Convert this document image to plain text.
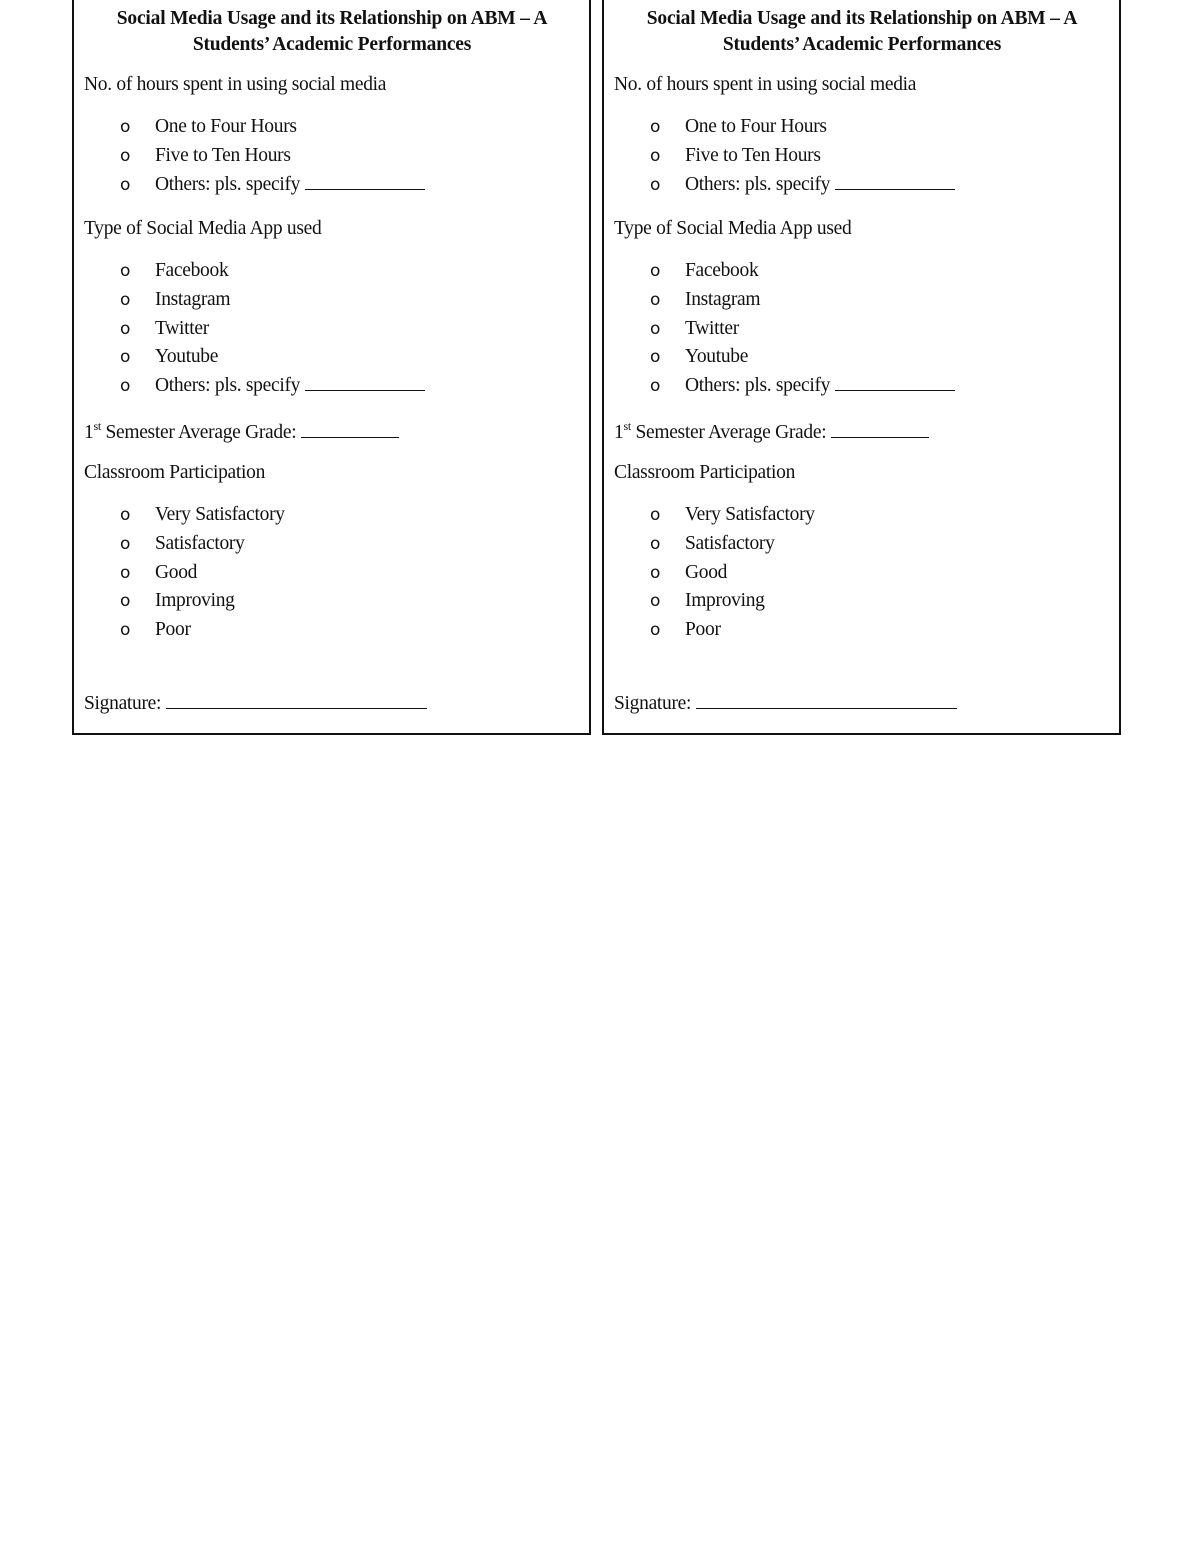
Social Media Usage and its Relationship on ABM – A Students’ Academic Performances
No. of hours spent in using social media
o One to Four Hours
o Five to Ten Hours
o Others: pls. specify
Type of Social Media App used
o Facebook
o Instagram
o Twitter
o Youtube
o Others: pls. specify
1st Semester Average Grade:
Classroom Participation
o Very Satisfactory
o Satisfactory
o Good
o Improving
o Poor
Signature:
Social Media Usage and its Relationship on ABM – A Students’ Academic Performances
No. of hours spent in using social media
o One to Four Hours
o Five to Ten Hours
o Others: pls. specify
Type of Social Media App used
o Facebook
o Instagram
o Twitter
o Youtube
o Others: pls. specify
1st Semester Average Grade:
Classroom Participation
o Very Satisfactory
o Satisfactory
o Good
o Improving
o Poor
Signature:
